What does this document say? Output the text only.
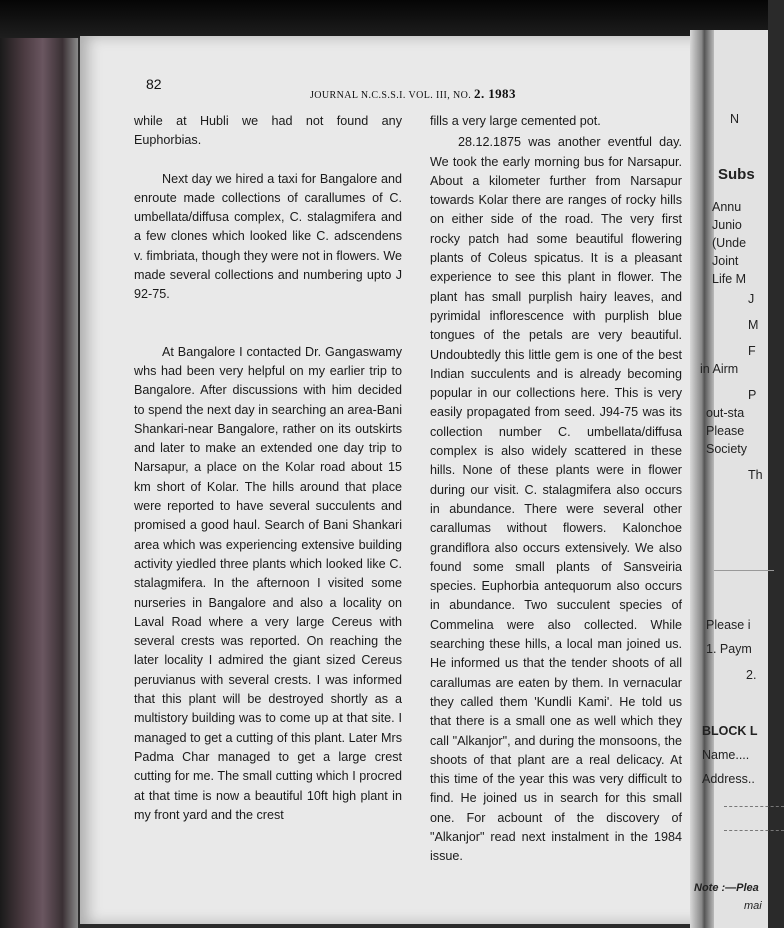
82
JOURNAL N.C.S.S.I. VOL. III, NO. 2. 1983

while at Hubli we had not found any Euphorbias.

Next day we hired a taxi for Bangalore and enroute made collections of carallumes of C. umbellata/diffusa complex, C. stalagmifera and a few clones which looked like C. adscendens v. fimbriata, though they were not in flowers. We made several collections and numbering upto J 92-75.

At Bangalore I contacted Dr. Gangaswamy whs had been very helpful on my earlier trip to Bangalore. After discussions with him decided to spend the next day in searching an area-Bani Shankari-near Bangalore, rather on its outskirts and later to make an extended one day trip to Narsapur, a place on the Kolar road about 15 km short of Kolar. The hills around that place were reported to have several succulents and promised a good haul. Search of Bani Shankari area which was experiencing extensive building activity yiedled three plants which looked like C. stalagmifera. In the afternoon I visited some nurseries in Bangalore and also a locality on Laval Road where a very large Cereus with several crests was reported. On reaching the later locality I admired the giant sized Cereus peruvianus with several crests. I was informed that this plant will be destroyed shortly as a multistory building was to come up at that site. I managed to get a cutting of this plant. Later Mrs Padma Char managed to get a large crest cutting for me. The small cutting which I procred at that time is now a beautiful 10ft high plant in my front yard and the crest

fills a very large cemented pot.

28.12.1875 was another eventful day. We took the early morning bus for Narsapur. About a kilometer further from Narsapur towards Kolar there are ranges of rocky hills on either side of the road. The very first rocky patch had some beautiful flowering plants of Coleus spicatus. It is a pleasant experience to see this plant in flower. The plant has small purplish hairy leaves, and pyrimidal inflorescence with purplish blue tongues of the petals are very beautiful. Undoubtedly this little gem is one of the best Indian succulents and is already becoming popular in our collections here. This is very easily propagated from seed. J94-75 was its collection number C. umbellata/diffusa complex is also widely scattered in these hills. None of these plants were in flower during our visit. C. stalagmifera also occurs in abundance. There were several other carallumas without flowers. Kalonchoe grandiflora also occurs extensively. We also found some small plants of Sansveiria species. Euphorbia antequorum also occurs in abundance. Two succulent species of Commelina were also collected. While searching these hills, a local man joined us. He informed us that the tender shoots of all carallumas are eaten by them. In vernacular they called them 'Kundli Kami'. He told us that there is a small one as well which they call "Alkanjor", and during the monsoons, the shoots of that plant are a real delicacy. At this time of the year this was very difficult to find. He joined us in search for this small one. For acbount of the discovery of "Alkanjor" read next instalment in the 1984 issue.

N
Subs
Annu
Junio
(Unde
Joint
Life M
J
M
F
in Airm
P
out-sta
Please
Society
Th
Please i
1. Paym
2.
BLOCK L
Name....
Address..
Note :—Plea
mai
